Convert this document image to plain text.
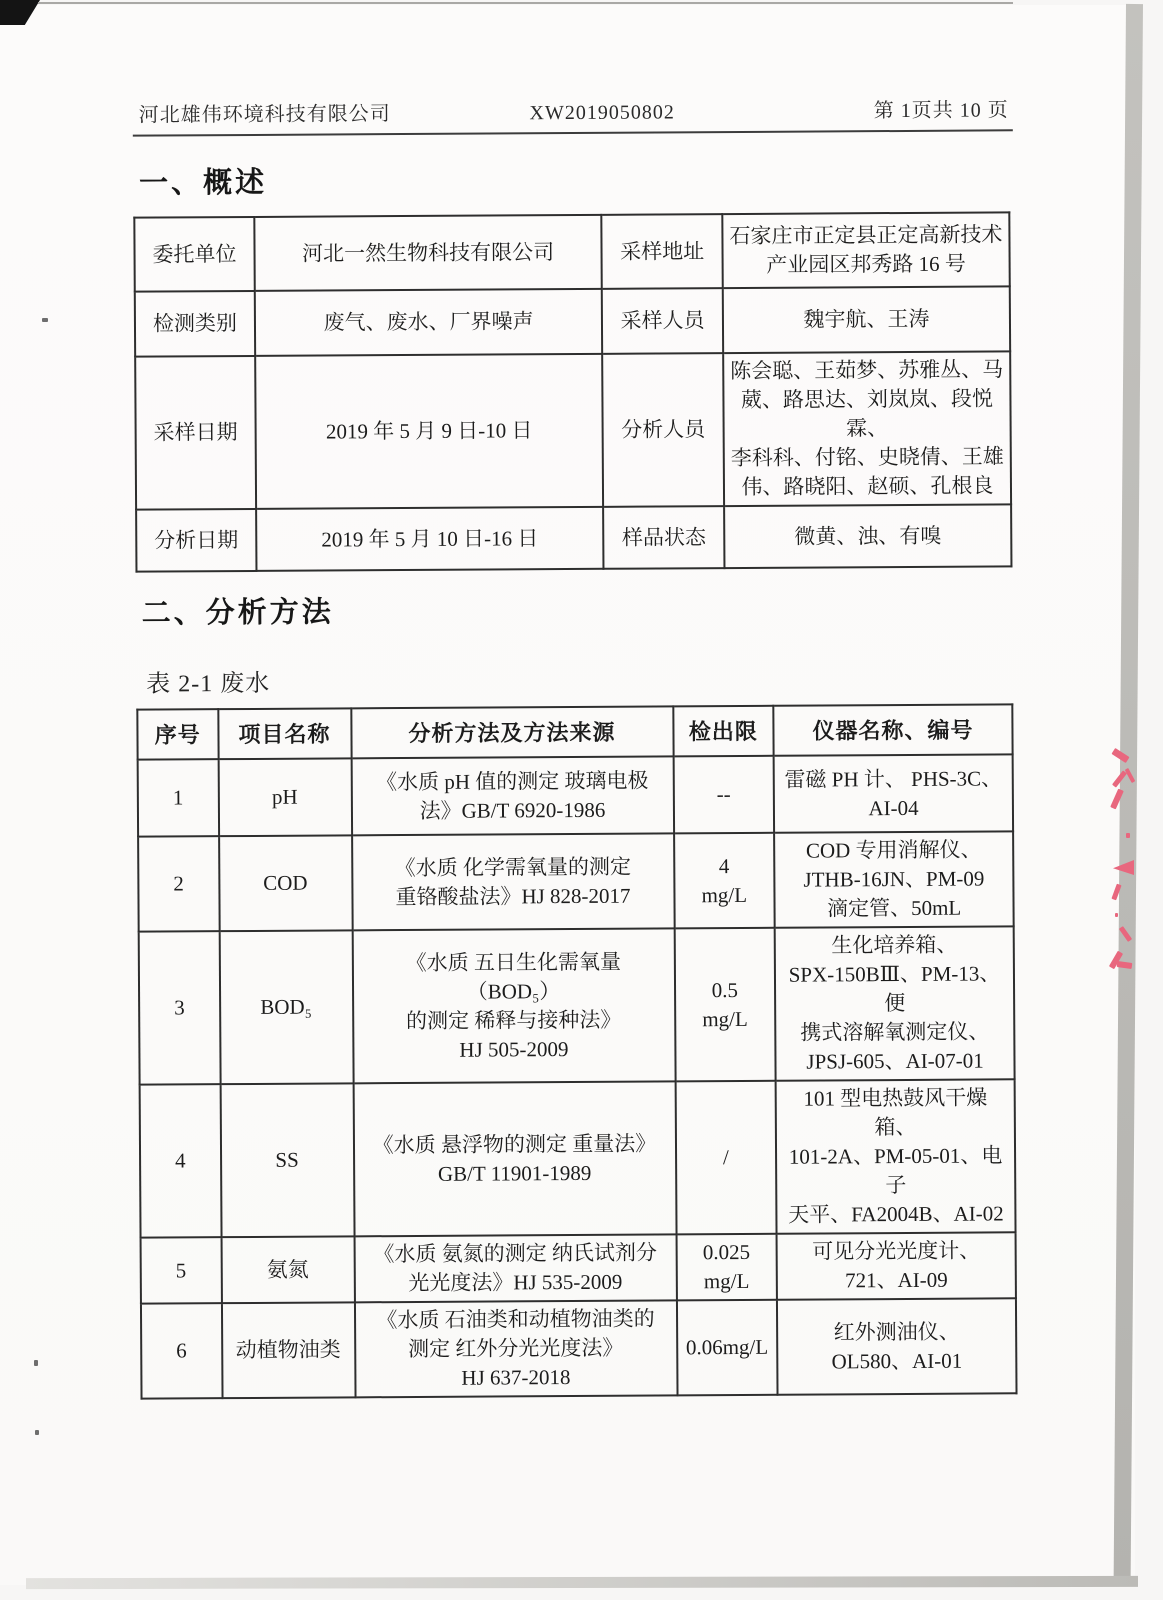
河北雄伟环境科技有限公司	XW2019050802	第 1页共 10 页
一、概述
委托单位	河北一然生物科技有限公司	采样地址	石家庄市正定县正定高新技术
产业园区邦秀路 16 号
检测类别	废气、废水、厂界噪声	采样人员	魏宇航、王涛
采样日期	2019 年 5 月 9 日-10 日	分析人员	陈会聪、王茹梦、苏雅丛、马
葳、路思达、刘岚岚、段悦霖、
李科科、付铭、史晓倩、王雄
伟、路晓阳、赵硕、孔根良
分析日期	2019 年 5 月 10 日-16 日	样品状态	微黄、浊、有嗅
二、分析方法
表 2-1 废水
序号	项目名称	分析方法及方法来源	检出限	仪器名称、编号
1	pH	《水质 pH 值的测定 玻璃电极
法》GB/T 6920-1986	--	雷磁 PH 计、 PHS-3C、
AI-04
2	COD	《水质 化学需氧量的测定
重铬酸盐法》HJ 828-2017	4
mg/L	COD 专用消解仪、
JTHB-16JN、PM-09
滴定管、50mL
3	BOD₅	《水质 五日生化需氧量（BOD₅）
的测定 稀释与接种法》
HJ 505-2009	0.5
mg/L	生化培养箱、
SPX-150BⅢ、PM-13、便
携式溶解氧测定仪、
JPSJ-605、AI-07-01
4	SS	《水质 悬浮物的测定 重量法》
GB/T 11901-1989	/	101 型电热鼓风干燥箱、
101-2A、PM-05-01、电子
天平、FA2004B、AI-02
5	氨氮	《水质 氨氮的测定 纳氏试剂分
光光度法》HJ 535-2009	0.025
mg/L	可见分光光度计、
721、AI-09
6	动植物油类	《水质 石油类和动植物油类的
测定 红外分光光度法》
HJ 637-2018	0.06mg/L	红外测油仪、
OL580、AI-01
